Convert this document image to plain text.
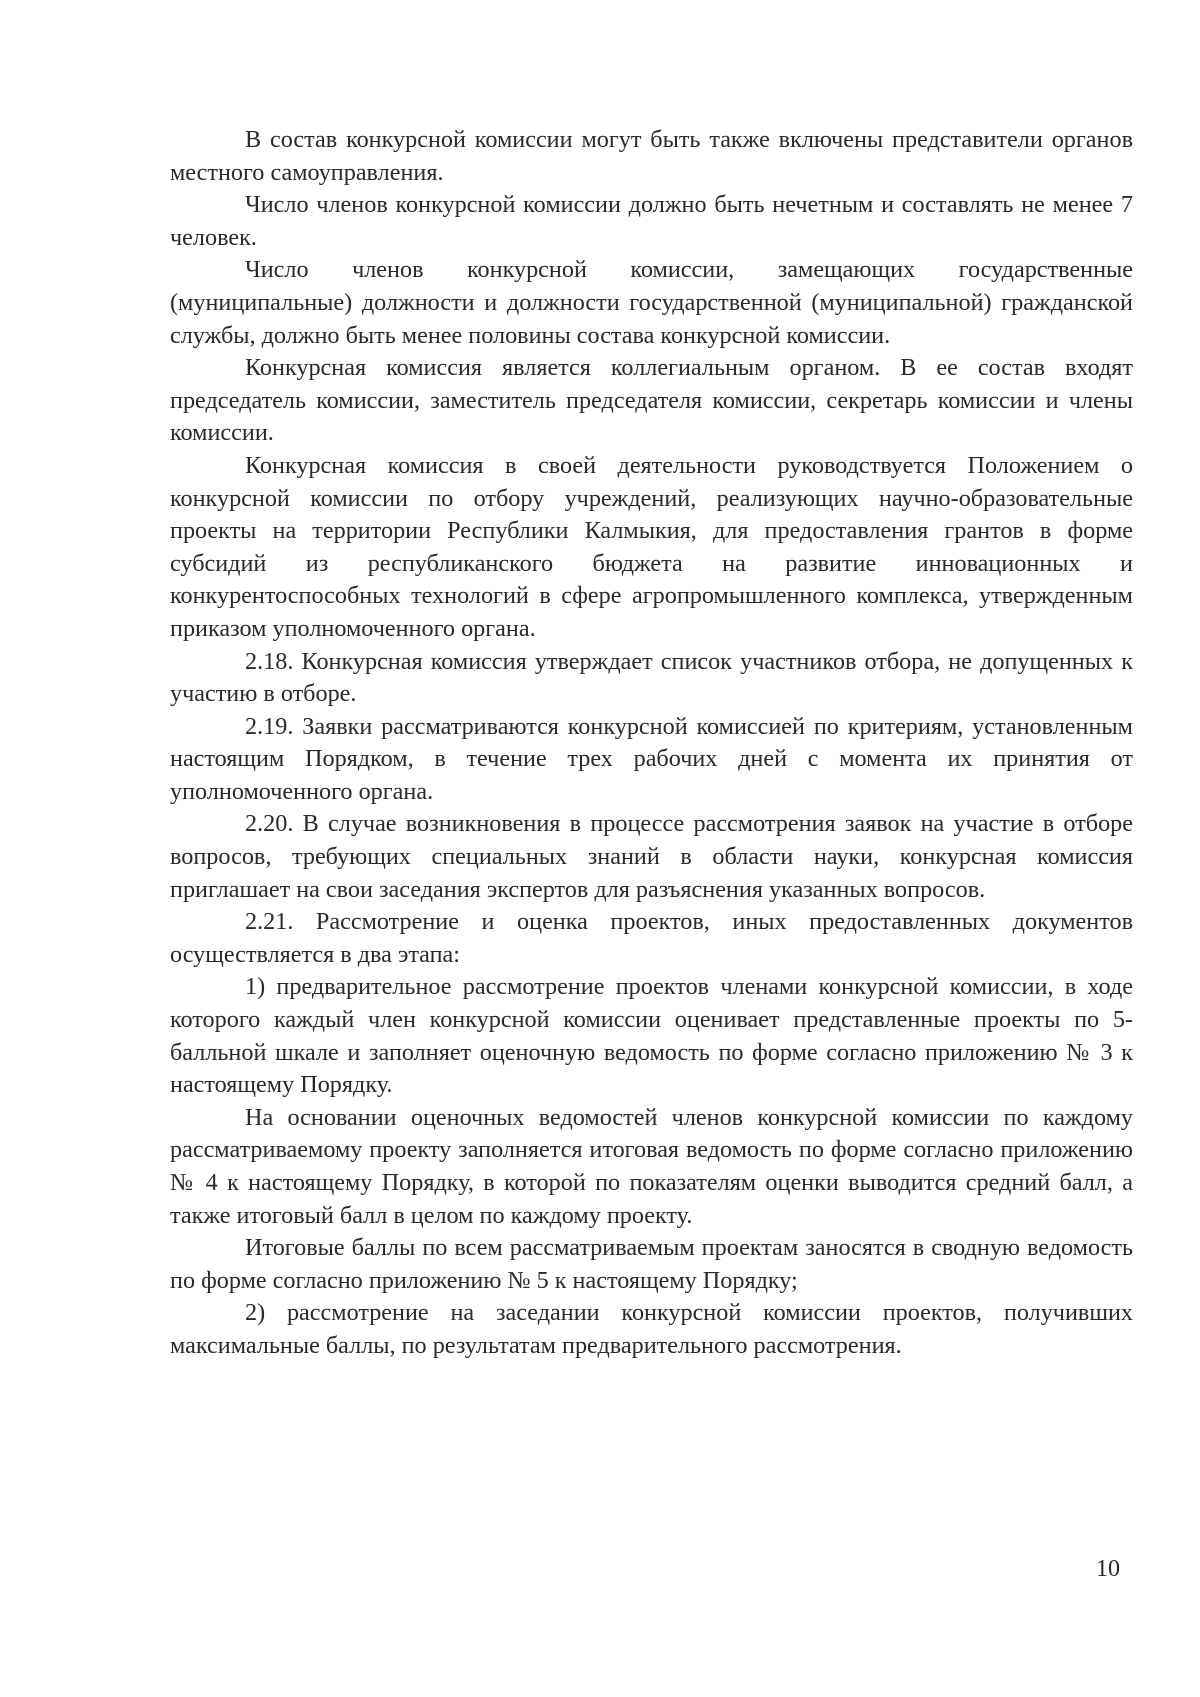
В состав конкурсной комиссии могут быть также включены представители органов местного самоуправления.

Число членов конкурсной комиссии должно быть нечетным и составлять не менее 7 человек.

Число членов конкурсной комиссии, замещающих государственные (муниципальные) должности и должности государственной (муниципальной) гражданской службы, должно быть менее половины состава конкурсной комиссии.

Конкурсная комиссия является коллегиальным органом. В ее состав входят председатель комиссии, заместитель председателя комиссии, секретарь комиссии и члены комиссии.

Конкурсная комиссия в своей деятельности руководствуется Положением о конкурсной комиссии по отбору учреждений, реализующих научно-образовательные проекты на территории Республики Калмыкия, для предоставления грантов в форме субсидий из республиканского бюджета на развитие инновационных и конкурентоспособных технологий в сфере агропромышленного комплекса, утвержденным приказом уполномоченного органа.

2.18. Конкурсная комиссия утверждает список участников отбора, не допущенных к участию в отборе.

2.19. Заявки рассматриваются конкурсной комиссией по критериям, установленным настоящим Порядком, в течение трех рабочих дней с момента их принятия от уполномоченного органа.

2.20. В случае возникновения в процессе рассмотрения заявок на участие в отборе вопросов, требующих специальных знаний в области науки, конкурсная комиссия приглашает на свои заседания экспертов для разъяснения указанных вопросов.

2.21. Рассмотрение и оценка проектов, иных предоставленных документов осуществляется в два этапа:

1) предварительное рассмотрение проектов членами конкурсной комиссии, в ходе которого каждый член конкурсной комиссии оценивает представленные проекты по 5-балльной шкале и заполняет оценочную ведомость по форме согласно приложению № 3 к настоящему Порядку.

На основании оценочных ведомостей членов конкурсной комиссии по каждому рассматриваемому проекту заполняется итоговая ведомость по форме согласно приложению № 4 к настоящему Порядку, в которой по показателям оценки выводится средний балл, а также итоговый балл в целом по каждому проекту.

Итоговые баллы по всем рассматриваемым проектам заносятся в сводную ведомость по форме согласно приложению № 5 к настоящему Порядку;

2) рассмотрение на заседании конкурсной комиссии проектов, получивших максимальные баллы, по результатам предварительного рассмотрения.

10
